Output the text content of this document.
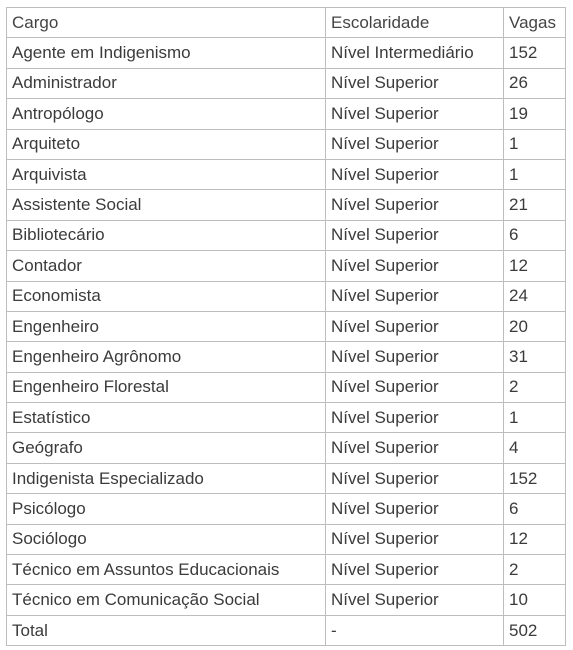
Cargo	Escolaridade	Vagas
Agente em Indigenismo	Nível Intermediário	152
Administrador	Nível Superior	26
Antropólogo	Nível Superior	19
Arquiteto	Nível Superior	1
Arquivista	Nível Superior	1
Assistente Social	Nível Superior	21
Bibliotecário	Nível Superior	6
Contador	Nível Superior	12
Economista	Nível Superior	24
Engenheiro	Nível Superior	20
Engenheiro Agrônomo	Nível Superior	31
Engenheiro Florestal	Nível Superior	2
Estatístico	Nível Superior	1
Geógrafo	Nível Superior	4
Indigenista Especializado	Nível Superior	152
Psicólogo	Nível Superior	6
Sociólogo	Nível Superior	12
Técnico em Assuntos Educacionais	Nível Superior	2
Técnico em Comunicação Social	Nível Superior	10
Total	-	502
